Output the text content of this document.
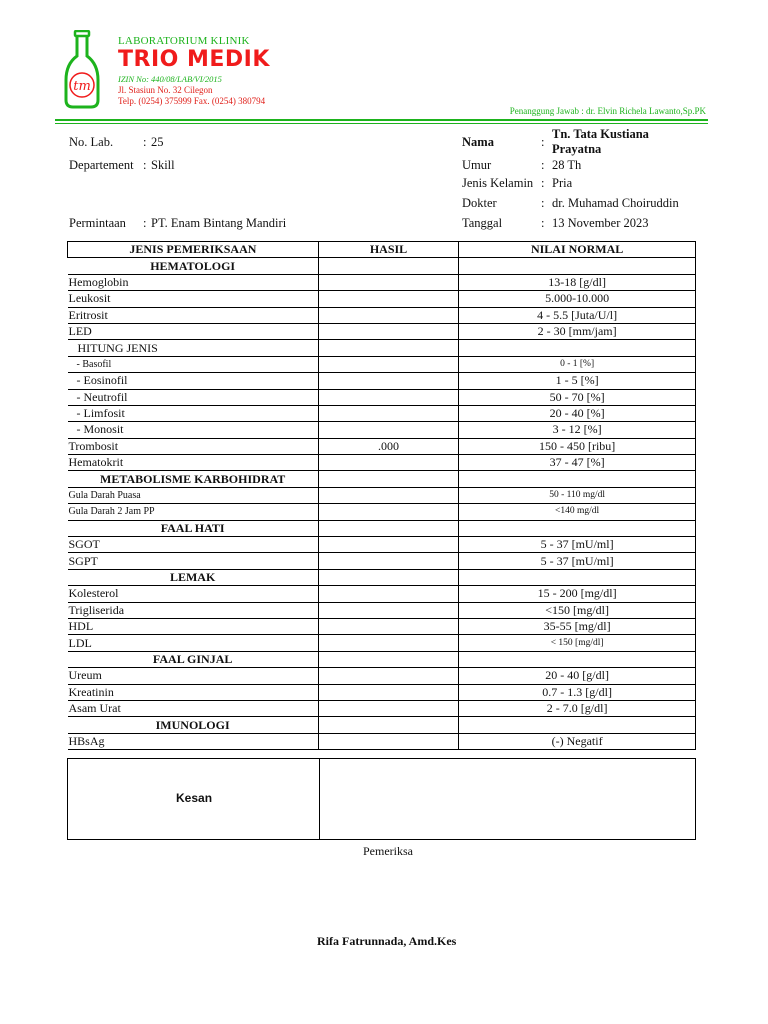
tm
LABORATORIUM KLINIK
TRIO MEDIK
IZIN No: 440/08/LAB/VI/2015
Jl. Stasiun No. 32 Cilegon
Telp. (0254) 375999 Fax. (0254) 380794
Penanggung Jawab : dr. Elvin Richela Lawanto,Sp.PK
No. Lab. : 25
Departement : Skill
Permintaan : PT. Enam Bintang Mandiri
Nama	:
Tn. Tata Kustiana
Prayatna
Umur	: 28 Th
Jenis Kelamin : Pria
Dokter	: dr. Muhamad Choiruddin
Tanggal	: 13 November 2023
JENIS PEMERIKSAAN	HASIL	NILAI NORMAL
HEMATOLOGI		
Hemoglobin		13-18 [g/dl]
Leukosit		5.000-10.000
Eritrosit		4 - 5.5 [Juta/U/l]
LED		2 - 30 [mm/jam]
HITUNG JENIS		
- Basofil		0 - 1 [%]
- Eosinofil		1 - 5 [%]
- Neutrofil		50 - 70 [%]
- Limfosit		20 - 40 [%]
- Monosit		3 - 12 [%]
Trombosit	.000	150 - 450 [ribu]
Hematokrit		37 - 47 [%]
METABOLISME KARBOHIDRAT		
Gula Darah Puasa		50 - 110 mg/dl
Gula Darah 2 Jam PP		<140 mg/dl
FAAL HATI		
SGOT		5 - 37 [mU/ml]
SGPT		5 - 37 [mU/ml]
LEMAK		
Kolesterol		15 - 200 [mg/dl]
Trigliserida		<150 [mg/dl]
HDL		35-55 [mg/dl]
LDL		< 150 [mg/dl]
FAAL GINJAL		
Ureum		20 - 40 [g/dl]
Kreatinin		0.7 - 1.3 [g/dl]
Asam Urat		2 - 7.0 [g/dl]
IMUNOLOGI		
HBsAg		(-) Negatif
Kesan
Pemeriksa
Rifa Fatrunnada, Amd.Kes
